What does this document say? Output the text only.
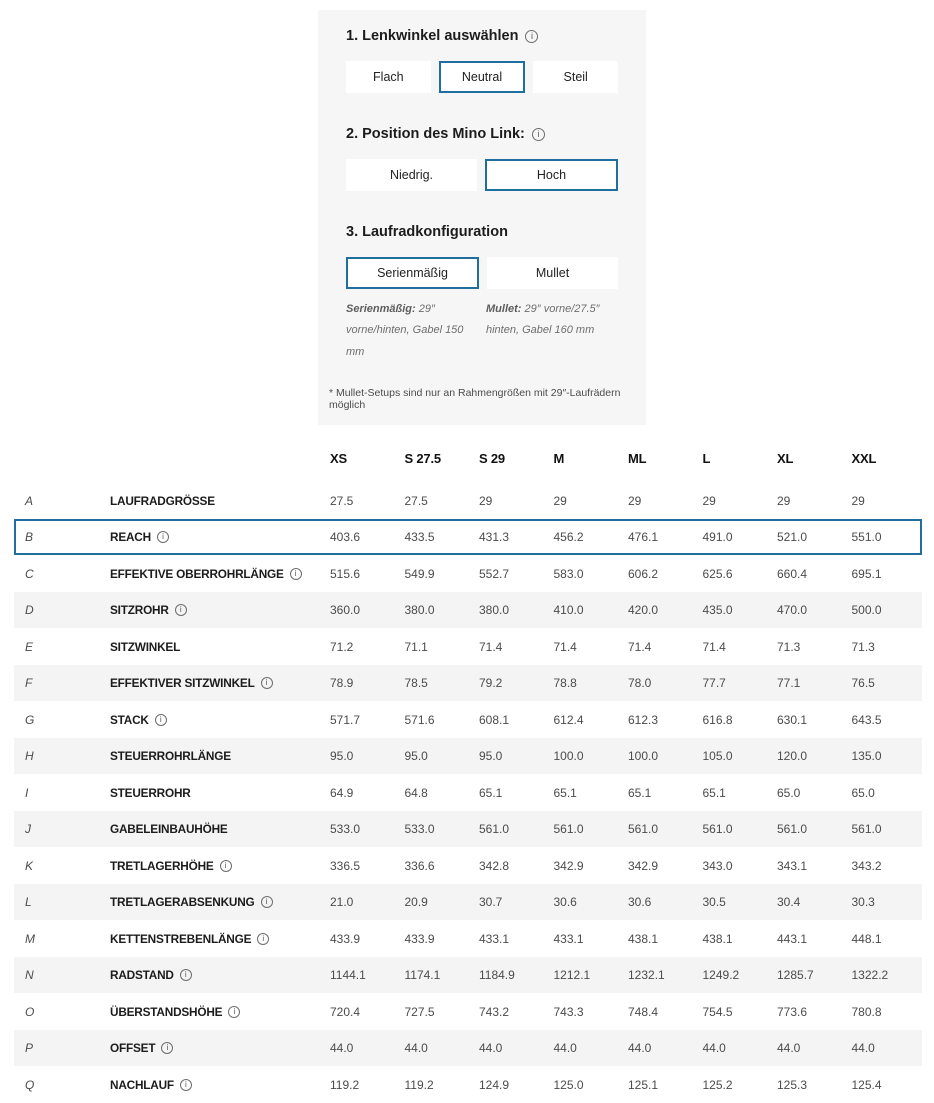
1. Lenkwinkel auswählen	i
Flach	Neutral	Steil
2. Position des Mino Link:	i
Niedrig.	Hoch
3. Laufradkonfiguration
Serienmäßig	Mullet
Serienmäßig: 29″ vorne/hinten, Gabel 150 mm
Mullet: 29″ vorne/27.5″ hinten, Gabel 160 mm
* Mullet-Setups sind nur an Rahmengrößen mit 29″-Laufrädern möglich
XS	S 27.5	S 29	M	ML	L	XL	XXL
A	LAUFRADGRÖSSE	27.5	27.5	29	29	29	29	29	29
B	REACH	i	403.6	433.5	431.3	456.2	476.1	491.0	521.0	551.0
C	EFFEKTIVE OBERROHRLÄNGE	i	515.6	549.9	552.7	583.0	606.2	625.6	660.4	695.1
D	SITZROHR	i	360.0	380.0	380.0	410.0	420.0	435.0	470.0	500.0
E	SITZWINKEL	71.2	71.1	71.4	71.4	71.4	71.4	71.3	71.3
F	EFFEKTIVER SITZWINKEL	i	78.9	78.5	79.2	78.8	78.0	77.7	77.1	76.5
G	STACK	i	571.7	571.6	608.1	612.4	612.3	616.8	630.1	643.5
H	STEUERROHRLÄNGE	95.0	95.0	95.0	100.0	100.0	105.0	120.0	135.0
I	STEUERROHR	64.9	64.8	65.1	65.1	65.1	65.1	65.0	65.0
J	GABELEINBAUHÖHE	533.0	533.0	561.0	561.0	561.0	561.0	561.0	561.0
K	TRETLAGERHÖHE	i	336.5	336.6	342.8	342.9	342.9	343.0	343.1	343.2
L	TRETLAGERABSENKUNG	i	21.0	20.9	30.7	30.6	30.6	30.5	30.4	30.3
M	KETTENSTREBENLÄNGE	i	433.9	433.9	433.1	433.1	438.1	438.1	443.1	448.1
N	RADSTAND	i	1144.1	1174.1	1184.9	1212.1	1232.1	1249.2	1285.7	1322.2
O	ÜBERSTANDSHÖHE	i	720.4	727.5	743.2	743.3	748.4	754.5	773.6	780.8
P	OFFSET	i	44.0	44.0	44.0	44.0	44.0	44.0	44.0	44.0
Q	NACHLAUF	i	119.2	119.2	124.9	125.0	125.1	125.2	125.3	125.4
